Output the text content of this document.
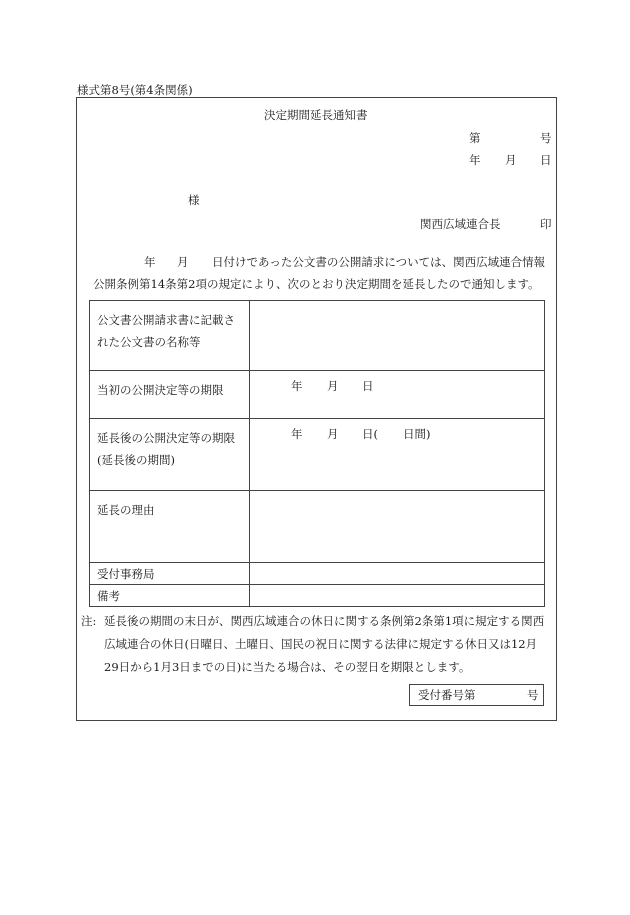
様式第8号(第4条関係)
決定期間延長通知書
第	号
年 月 日
様
関西広域連合長	印
年 月 日付けであった公文書の公開請求については、関西広域連合情報
公開条例第14条第2項の規定により、次のとおり決定期間を延長したので通知します。
公文書公開請求書に記載された公文書の名称等	
当初の公開決定等の期限	年 月 日

延長後の公開決定等の期限(延長後の期間)	年 月 日( 日間)

延長の理由	
受付事務局	
備考	
注: 延長後の期間の末日が、関西広域連合の休日に関する条例第2条第1項に規定する関西
広域連合の休日(日曜日、土曜日、国民の祝日に関する法律に規定する休日又は12月
29日から1月3日までの日)に当たる場合は、その翌日を期限とします。
受付番号第	号
